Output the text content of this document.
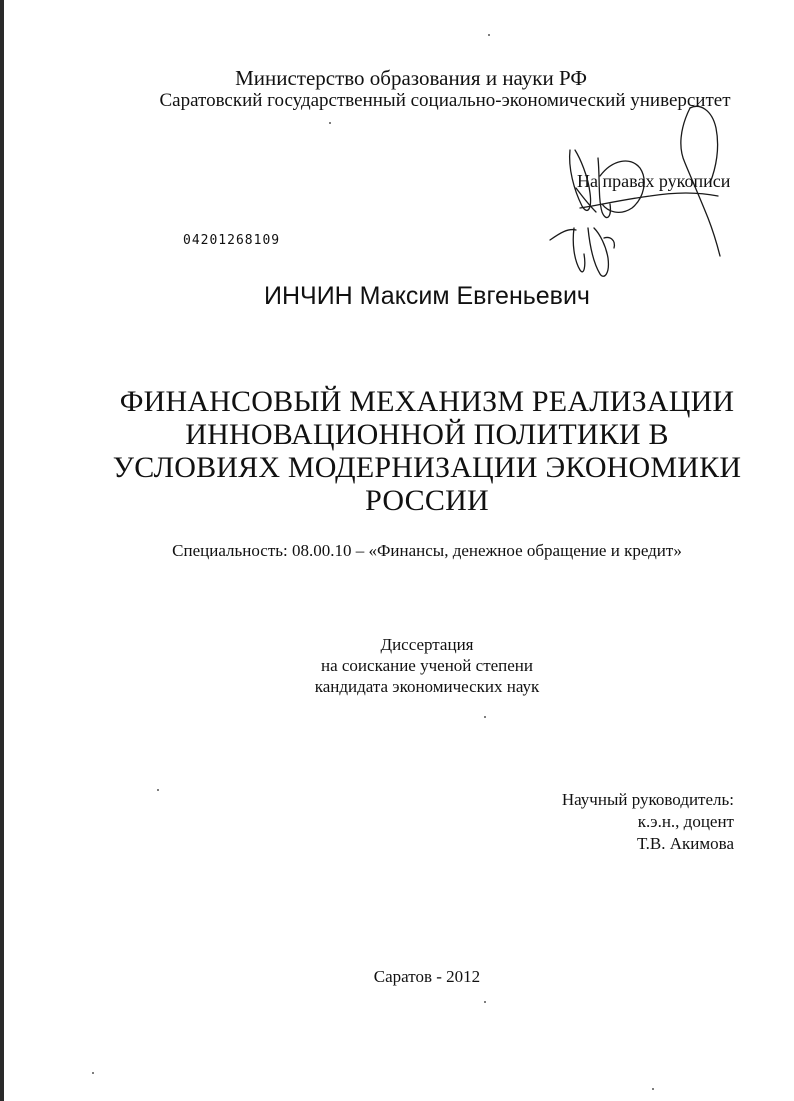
Министерство образования и науки РФ
Саратовский государственный социально-экономический университет
На правах рукописи
04201268109
ИНЧИН Максим Евгеньевич
ФИНАНСОВЫЙ МЕХАНИЗМ РЕАЛИЗАЦИИ
ИННОВАЦИОННОЙ ПОЛИТИКИ В
УСЛОВИЯХ МОДЕРНИЗАЦИИ ЭКОНОМИКИ
РОССИИ
Специальность: 08.00.10 – «Финансы, денежное обращение и кредит»
Диссертация
на соискание ученой степени
кандидата экономических наук
Научный руководитель:
к.э.н., доцент
Т.В. Акимова
Саратов - 2012
